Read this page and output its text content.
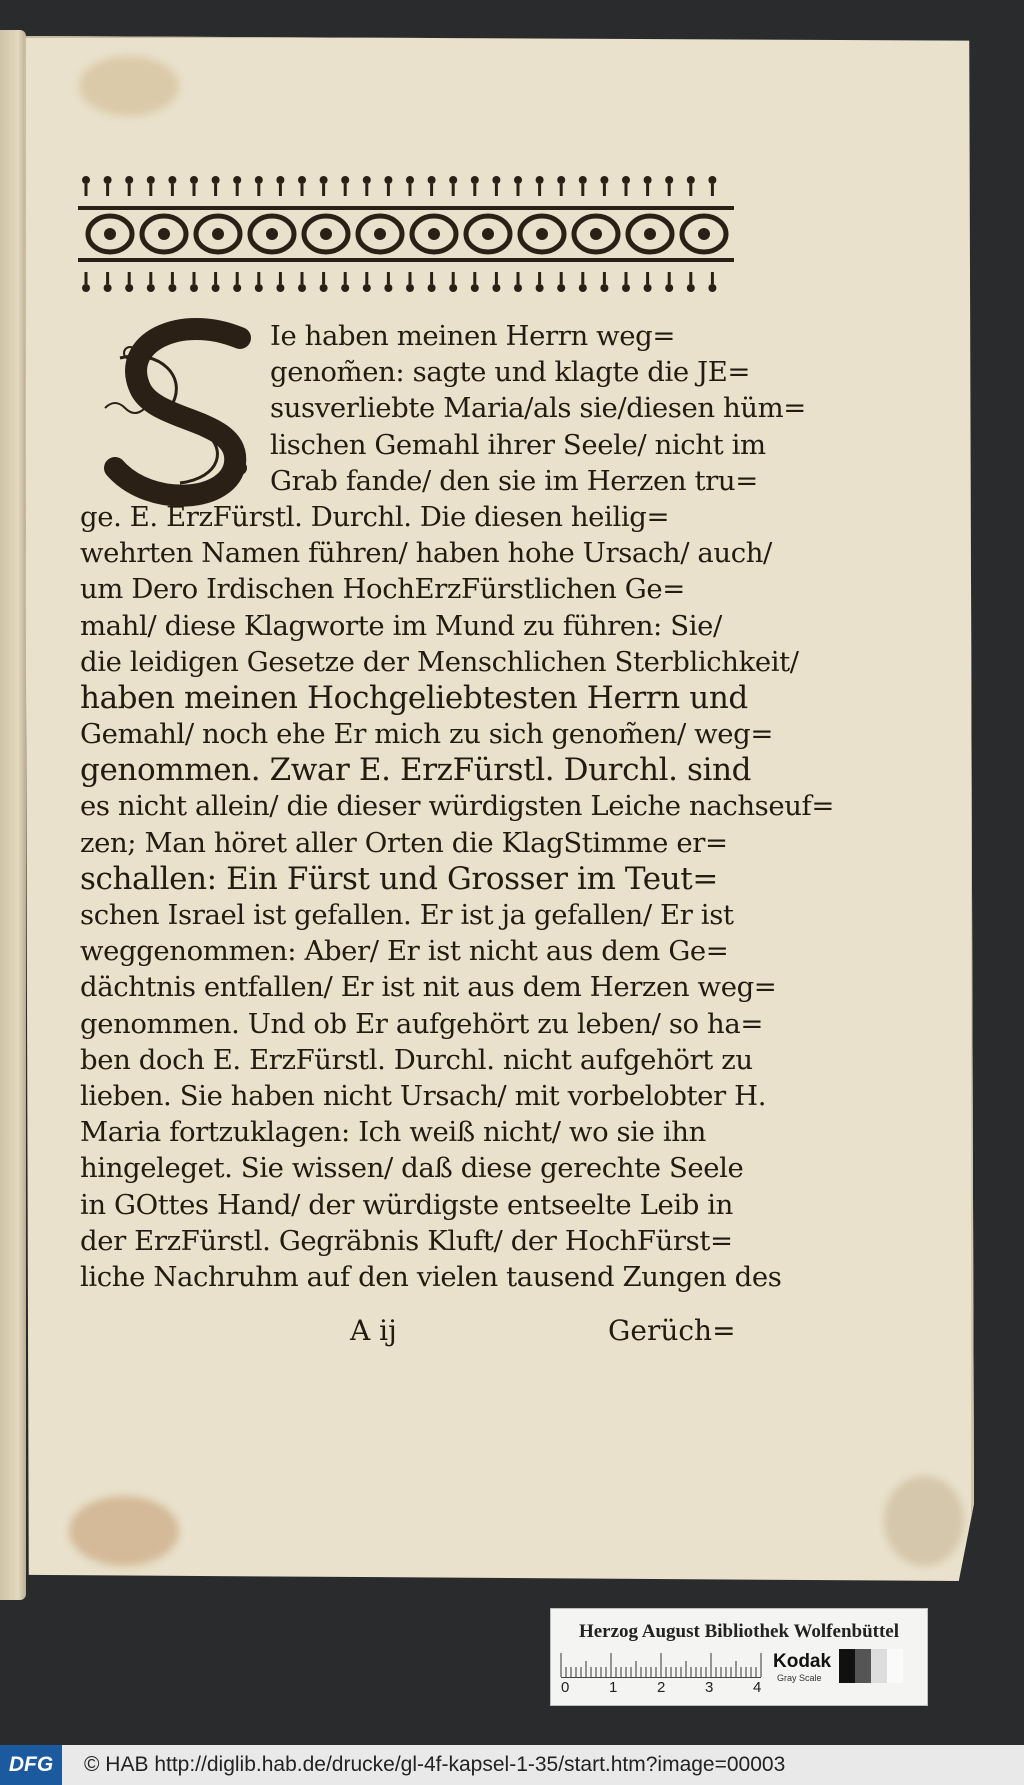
Ie haben meinen Herrn weg=
genom̃en: sagte und klagte die JE=
susverliebte Maria/als sie/diesen hüm=
lischen Gemahl ihrer Seele/ nicht im
Grab fande/ den sie im Herzen tru=
ge. E. ErzFürstl. Durchl. Die diesen heilig=
wehrten Namen führen/ haben hohe Ursach/ auch/
um Dero Irdischen HochErzFürstlichen Ge=
mahl/ diese Klagworte im Mund zu führen: Sie/
die leidigen Gesetze der Menschlichen Sterblichkeit/
haben meinen Hochgeliebtesten Herrn und
Gemahl/ noch ehe Er mich zu sich genom̃en/ weg=
genommen. Zwar E. ErzFürstl. Durchl. sind
es nicht allein/ die dieser würdigsten Leiche nachseuf=
zen; Man höret aller Orten die KlagStimme er=
schallen: Ein Fürst und Grosser im Teut=
schen Israel ist gefallen. Er ist ja gefallen/ Er ist
weggenommen: Aber/ Er ist nicht aus dem Ge=
dächtnis entfallen/ Er ist nit aus dem Herzen weg=
genommen. Und ob Er aufgehört zu leben/ so ha=
ben doch E. ErzFürstl. Durchl. nicht aufgehört zu
lieben. Sie haben nicht Ursach/ mit vorbelobter H.
Maria fortzuklagen: Ich weiß nicht/ wo sie ihn
hingeleget. Sie wissen/ daß diese gerechte Seele
in GOttes Hand/ der würdigste entseelte Leib in
der ErzFürstl. Gegräbnis Kluft/ der HochFürst=
liche Nachruhm auf den vielen tausend Zungen des
A ij	Gerüch=
Herzog August Bibliothek Wolfenbüttel
0	1	2	3	4
Kodak
Gray Scale
DFG	© HAB http://diglib.hab.de/drucke/gl-4f-kapsel-1-35/start.htm?image=00003
